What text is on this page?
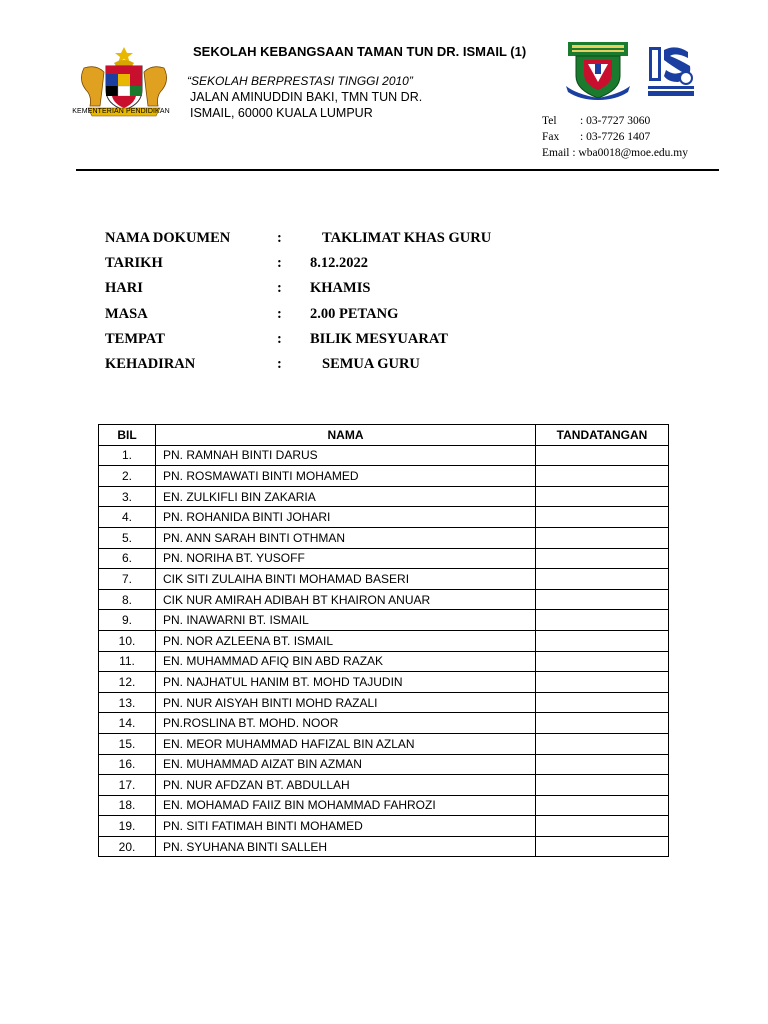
KEMENTERIAN PENDIDIKAN
SEKOLAH KEBANGSAAN TAMAN TUN DR. ISMAIL (1)
“SEKOLAH BERPRESTASI TINGGI 2010”
JALAN AMINUDDIN BAKI, TMN TUN DR.
ISMAIL, 60000 KUALA LUMPUR
Tel : 03-7727 3060
Fax : 03-7726 1407
Email : wba0018@moe.edu.my
NAMA DOKUMEN	:	TAKLIMAT KHAS GURU
TARIKH	: 8.12.2022
HARI	: KHAMIS
MASA	: 2.00 PETANG
TEMPAT	: BILIK MESYUARAT
KEHADIRAN	:	SEMUA GURU
BIL	NAMA	TANDATANGAN
1.	PN. RAMNAH BINTI DARUS	
2.	PN. ROSMAWATI BINTI MOHAMED	
3.	EN. ZULKIFLI BIN ZAKARIA	
4.	PN. ROHANIDA BINTI JOHARI	
5.	PN. ANN SARAH BINTI OTHMAN	
6.	PN. NORIHA BT. YUSOFF	
7.	CIK SITI ZULAIHA BINTI MOHAMAD BASERI	
8.	CIK NUR AMIRAH ADIBAH BT KHAIRON ANUAR	
9.	PN. INAWARNI BT. ISMAIL	
10.	PN. NOR AZLEENA BT. ISMAIL	
11.	EN. MUHAMMAD AFIQ BIN ABD RAZAK	
12.	PN. NAJHATUL HANIM BT. MOHD TAJUDIN	
13.	PN. NUR AISYAH BINTI MOHD RAZALI	
14.	PN.ROSLINA BT. MOHD. NOOR	
15.	EN. MEOR MUHAMMAD HAFIZAL BIN AZLAN	
16.	EN. MUHAMMAD AIZAT BIN AZMAN	
17.	PN. NUR AFDZAN BT. ABDULLAH	
18.	EN. MOHAMAD FAIIZ BIN MOHAMMAD FAHROZI	
19.	PN. SITI FATIMAH BINTI MOHAMED	
20.	PN. SYUHANA BINTI SALLEH	
